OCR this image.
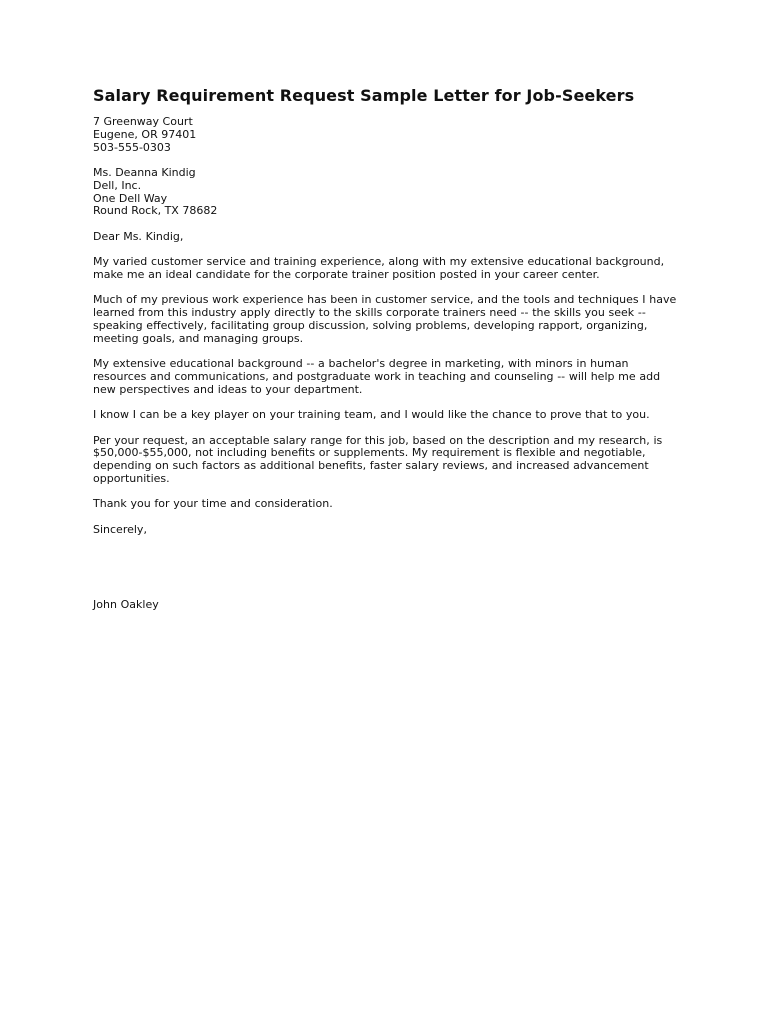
Salary Requirement Request Sample Letter for Job-Seekers
7 Greenway Court
Eugene, OR 97401
503-555-0303
Ms. Deanna Kindig
Dell, Inc.
One Dell Way
Round Rock, TX 78682

Dear Ms. Kindig,

My varied customer service and training experience, along with my extensive educational background, make me an ideal candidate for the corporate trainer position posted in your career center.

Much of my previous work experience has been in customer service, and the tools and techniques I have learned from this industry apply directly to the skills corporate trainers need -- the skills you seek -- speaking effectively, facilitating group discussion, solving problems, developing rapport, organizing, meeting goals, and managing groups.

My extensive educational background -- a bachelor's degree in marketing, with minors in human resources and communications, and postgraduate work in teaching and counseling -- will help me add new perspectives and ideas to your department.

I know I can be a key player on your training team, and I would like the chance to prove that to you.

Per your request, an acceptable salary range for this job, based on the description and my research, is $50,000-$55,000, not including benefits or supplements. My requirement is flexible and negotiable, depending on such factors as additional benefits, faster salary reviews, and increased advancement opportunities.

Thank you for your time and consideration.

Sincerely,

John Oakley
